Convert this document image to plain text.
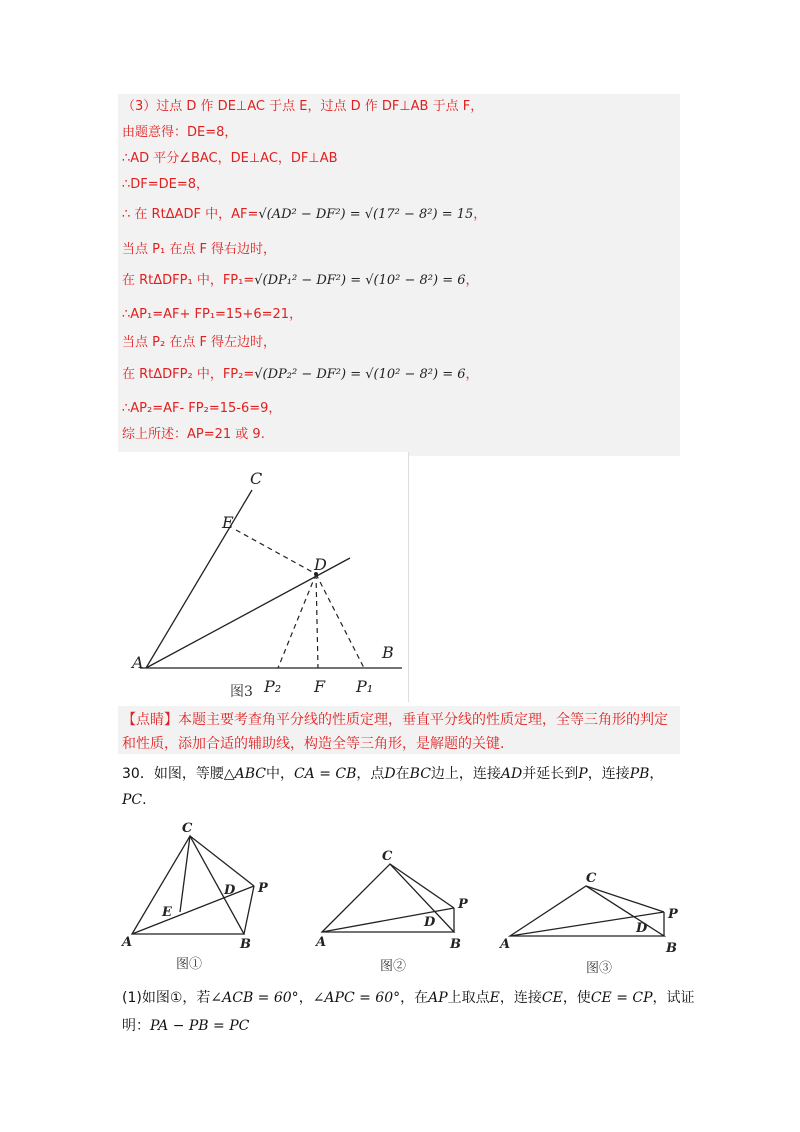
（3）过点 D 作 DE⊥AC 于点 E，过点 D 作 DF⊥AB 于点 F，

由题意得：DE=8，

∴AD 平分∠BAC，DE⊥AC，DF⊥AB

∴DF=DE=8，

∴ 在 RtΔADF 中，AF=√(AD² − DF²) = √(17² − 8²) = 15，

当点 P₁ 在点 F 得右边时，

在 RtΔDFP₁ 中，FP₁=√(DP₁² − DF²) = √(10² − 8²) = 6，

∴AP₁=AF+ FP₁=15+6=21，

当点 P₂ 在点 F 得左边时，

在 RtΔDFP₂ 中，FP₂=√(DP₂² − DF²) = √(10² − 8²) = 6，

∴AP₂=AF- FP₂=15-6=9，

综上所述：AP=21 或 9.

C
E
D
A
B
P₂ F P₁
图3

【点睛】本题主要考查角平分线的性质定理，垂直平分线的性质定理，全等三角形的判定

和性质，添加合适的辅助线，构造全等三角形，是解题的关键.

30．如图，等腰△ABC中，CA = CB，点D在BC边上，连接AD并延长到P，连接PB，

PC.

C
D P
E
A	B
图①
C
P
D
A	B
图②
C
P
D
A	B
图③

(1)如图①，若∠ACB = 60°，∠APC = 60°，在AP上取点E，连接CE，使CE = CP，试证

明：PA − PB = PC
